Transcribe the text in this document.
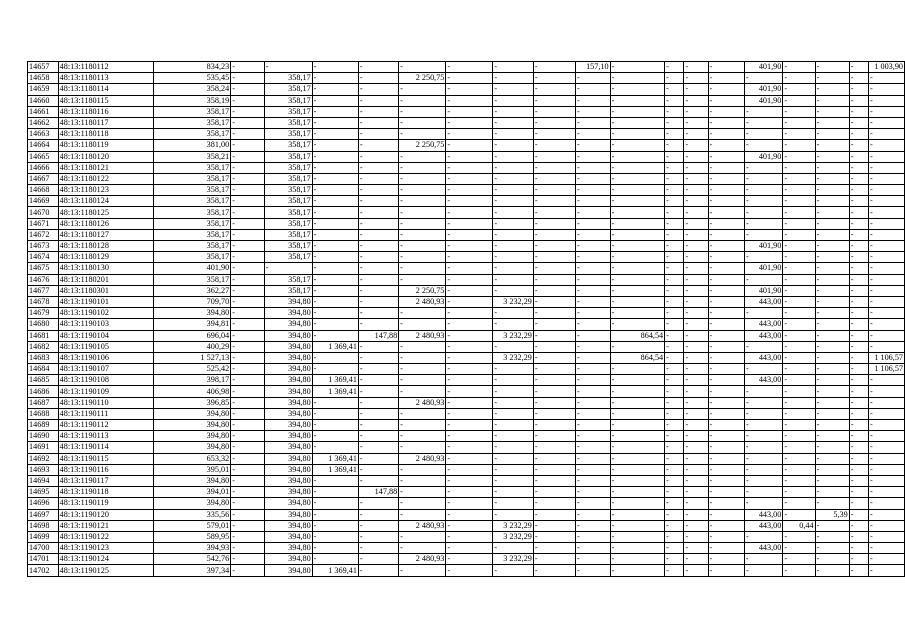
14657	48:13:1180112	834,23	-	-	-	-	-	-	-	-	157,10	-	-	-	-	401,90	-	-	-	1 003,90
14658	48:13:1180113	535,45	-	358,17	-	-	2 250,75	-	-	-	-	-	-	-	-	-	-	-	-	-
14659	48:13:1180114	358,24	-	358,17	-	-	-	-	-	-	-	-	-	-	-	401,90	-	-	-	-
14660	48:13:1180115	358,19	-	358,17	-	-	-	-	-	-	-	-	-	-	-	401,90	-	-	-	-
14661	48:13:1180116	358,17	-	358,17	-	-	-	-	-	-	-	-	-	-	-	-	-	-	-	-
14662	48:13:1180117	358,17	-	358,17	-	-	-	-	-	-	-	-	-	-	-	-	-	-	-	-
14663	48:13:1180118	358,17	-	358,17	-	-	-	-	-	-	-	-	-	-	-	-	-	-	-	-
14664	48:13:1180119	381,00	-	358,17	-	-	2 250,75	-	-	-	-	-	-	-	-	-	-	-	-	-
14665	48:13:1180120	358,21	-	358,17	-	-	-	-	-	-	-	-	-	-	-	401,90	-	-	-	-
14666	48:13:1180121	358,17	-	358,17	-	-	-	-	-	-	-	-	-	-	-	-	-	-	-	-
14667	48:13:1180122	358,17	-	358,17	-	-	-	-	-	-	-	-	-	-	-	-	-	-	-	-
14668	48:13:1180123	358,17	-	358,17	-	-	-	-	-	-	-	-	-	-	-	-	-	-	-	-
14669	48:13:1180124	358,17	-	358,17	-	-	-	-	-	-	-	-	-	-	-	-	-	-	-	-
14670	48:13:1180125	358,17	-	358,17	-	-	-	-	-	-	-	-	-	-	-	-	-	-	-	-
14671	48:13:1180126	358,17	-	358,17	-	-	-	-	-	-	-	-	-	-	-	-	-	-	-	-
14672	48:13:1180127	358,17	-	358,17	-	-	-	-	-	-	-	-	-	-	-	-	-	-	-	-
14673	48:13:1180128	358,17	-	358,17	-	-	-	-	-	-	-	-	-	-	-	401,90	-	-	-	-
14674	48:13:1180129	358,17	-	358,17	-	-	-	-	-	-	-	-	-	-	-	-	-	-	-	-
14675	48:13:1180130	401,90	-	-	-	-	-	-	-	-	-	-	-	-	-	401,90	-	-	-	-
14676	48:13:1180201	358,17	-	358,17	-	-	-	-	-	-	-	-	-	-	-	-	-	-	-	-
14677	48:13:1180301	362,27	-	358,17	-	-	2 250,75	-	-	-	-	-	-	-	-	401,90	-	-	-	-
14678	48:13:1190101	709,70	-	394,80	-	-	2 480,93	-	3 232,29	-	-	-	-	-	-	443,00	-	-	-	-
14679	48:13:1190102	394,80	-	394,80	-	-	-	-	-	-	-	-	-	-	-	-	-	-	-	-
14680	48:13:1190103	394,81	-	394,80	-	-	-	-	-	-	-	-	-	-	-	443,00	-	-	-	-
14681	48:13:1190104	696,04	-	394,80	-	147,88	2 480,93	-	3 232,29	-	-	864,54	-	-	-	443,00	-	-	-	-
14682	48:13:1190105	400,29	-	394,80	1 369,41	-	-	-	-	-	-	-	-	-	-	-	-	-	-	-
14683	48:13:1190106	1 527,13	-	394,80	-	-	-	-	3 232,29	-	-	864,54	-	-	-	443,00	-	-	-	1 106,57
14684	48:13:1190107	525,42	-	394,80	-	-	-	-	-	-	-	-	-	-	-	-	-	-	-	1 106,57
14685	48:13:1190108	398,17	-	394,80	1 369,41	-	-	-	-	-	-	-	-	-	-	443,00	-	-	-	-
14686	48:13:1190109	406,98	-	394,80	1 369,41	-	-	-	-	-	-	-	-	-	-	-	-	-	-	-
14687	48:13:1190110	396,85	-	394,80	-	-	2 480,93	-	-	-	-	-	-	-	-	-	-	-	-	-
14688	48:13:1190111	394,80	-	394,80	-	-	-	-	-	-	-	-	-	-	-	-	-	-	-	-
14689	48:13:1190112	394,80	-	394,80	-	-	-	-	-	-	-	-	-	-	-	-	-	-	-	-
14690	48:13:1190113	394,80	-	394,80	-	-	-	-	-	-	-	-	-	-	-	-	-	-	-	-
14691	48:13:1190114	394,80	-	394,80	-	-	-	-	-	-	-	-	-	-	-	-	-	-	-	-
14692	48:13:1190115	653,32	-	394,80	1 369,41	-	2 480,93	-	-	-	-	-	-	-	-	-	-	-	-	-
14693	48:13:1190116	395,01	-	394,80	1 369,41	-	-	-	-	-	-	-	-	-	-	-	-	-	-	-
14694	48:13:1190117	394,80	-	394,80	-	-	-	-	-	-	-	-	-	-	-	-	-	-	-	-
14695	48:13:1190118	394,01	-	394,80	-	147,88	-	-	-	-	-	-	-	-	-	-	-	-	-	-
14696	48:13:1190119	394,80	-	394,80	-	-	-	-	-	-	-	-	-	-	-	-	-	-	-	-
14697	48:13:1190120	335,56	-	394,80	-	-	-	-	-	-	-	-	-	-	-	443,00	-	5,39	-	-
14698	48:13:1190121	579,01	-	394,80	-	-	2 480,93	-	3 232,29	-	-	-	-	-	-	443,00	0,44	-	-	-
14699	48:13:1190122	589,95	-	394,80	-	-	-	-	3 232,29	-	-	-	-	-	-	-	-	-	-	-
14700	48:13:1190123	394,93	-	394,80	-	-	-	-	-	-	-	-	-	-	-	443,00	-	-	-	-
14701	48:13:1190124	542,76	-	394,80	-	-	2 480,93	-	3 232,29	-	-	-	-	-	-	-	-	-	-	-
14702	48:13:1190125	397,34	-	394,80	1 369,41	-	-	-	-	-	-	-	-	-	-	-	-	-	-	-
